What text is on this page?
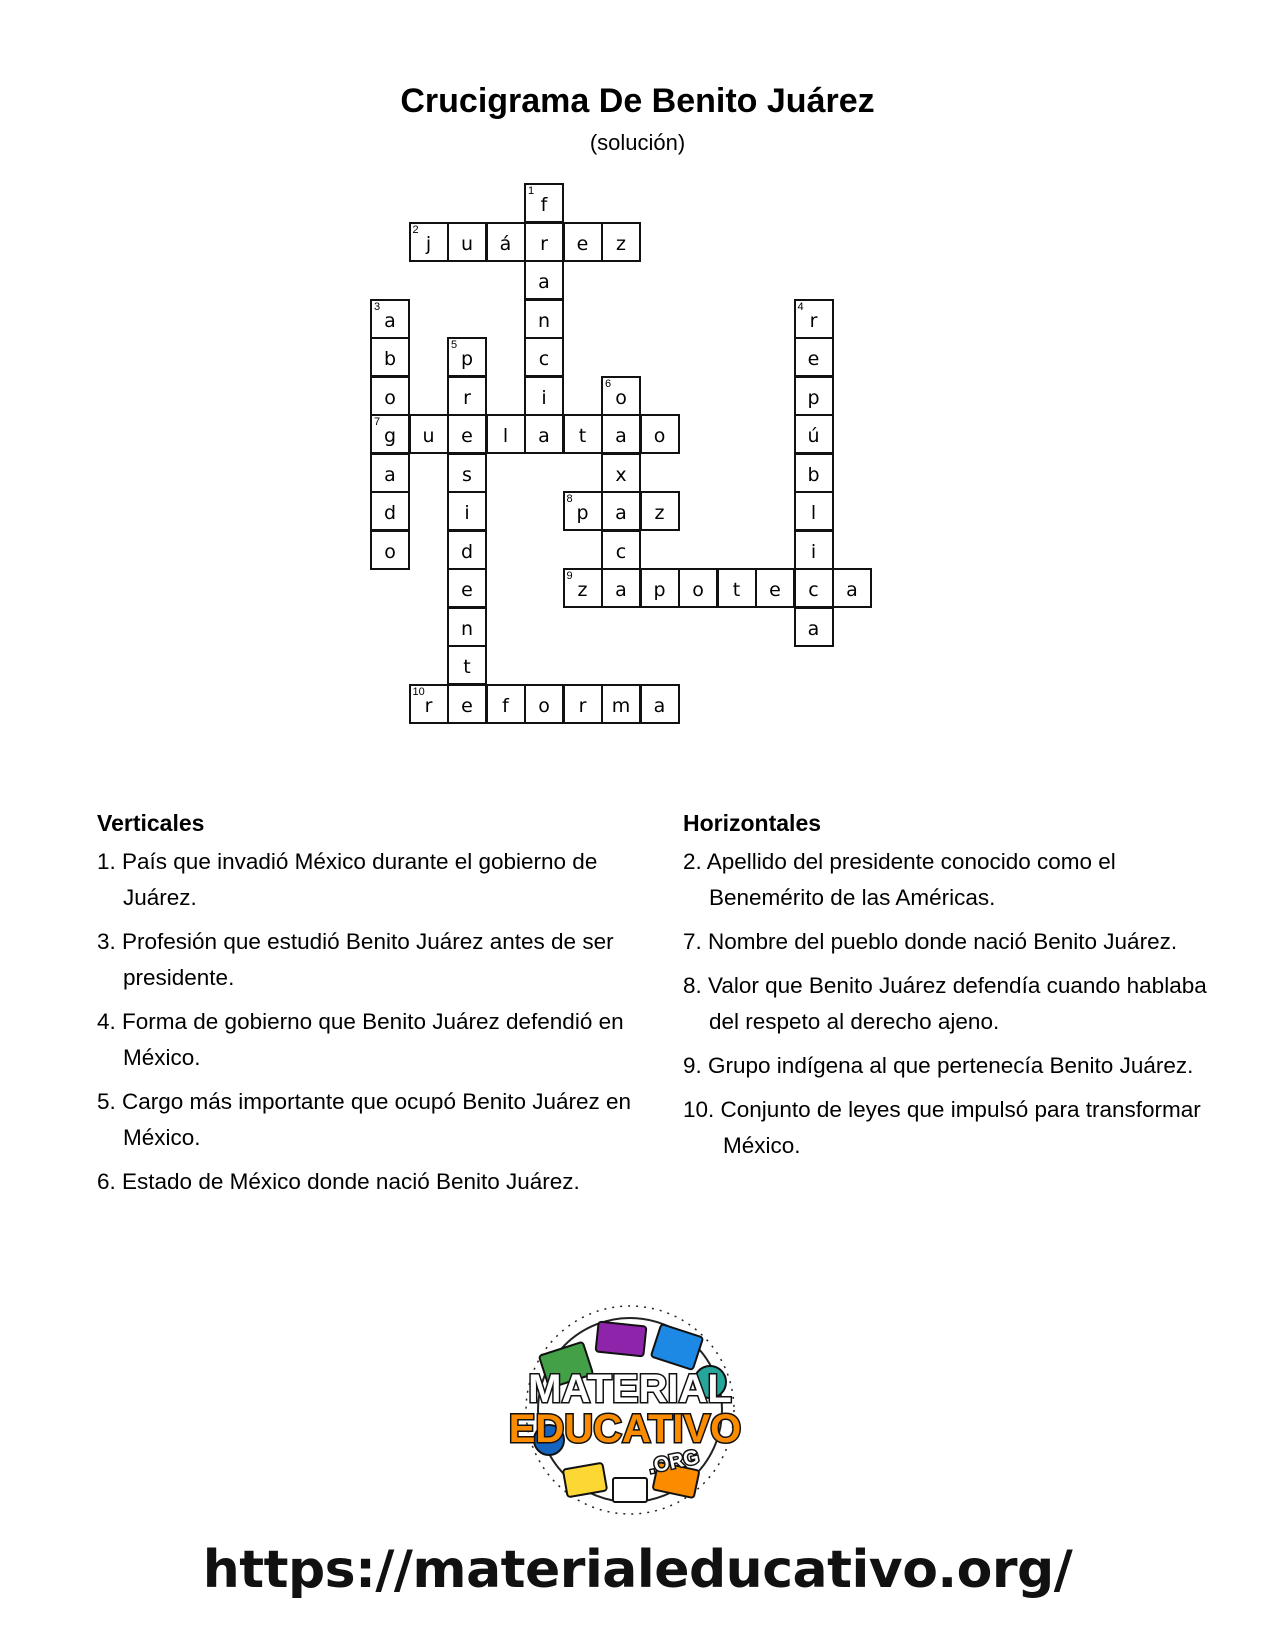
Crucigrama De Benito Juárez
(solución)
1
f
r
a
n
c
i
a
2
j	u	á	e	z
3
a
b
o
7
g
a
d
o
4
r
e
p
ú
b
l
i
c
a
5
p
r
e
s
i
d
e
n
t
e
6
o
a
x
a
c
a
u	l	t	o
8
p	z
9
z	p	o	t	e	a
10
r	f	o	r	m	a
Verticales
1. País que invadió México durante el gobierno de Juárez.
3. Profesión que estudió Benito Juárez antes de ser presidente.
4. Forma de gobierno que Benito Juárez defendió en México.
5. Cargo más importante que ocupó Benito Juárez en México.
6. Estado de México donde nació Benito Juárez.
Horizontales
2. Apellido del presidente conocido como el Benemérito de las Américas.
7. Nombre del pueblo donde nació Benito Juárez.
8. Valor que Benito Juárez defendía cuando hablaba del respeto al derecho ajeno.
9. Grupo indígena al que pertenecía Benito Juárez.
10. Conjunto de leyes que impulsó para transformar México.
MATERIAL
EDUCATIVO
.ORG
https://materialeducativo.org/
